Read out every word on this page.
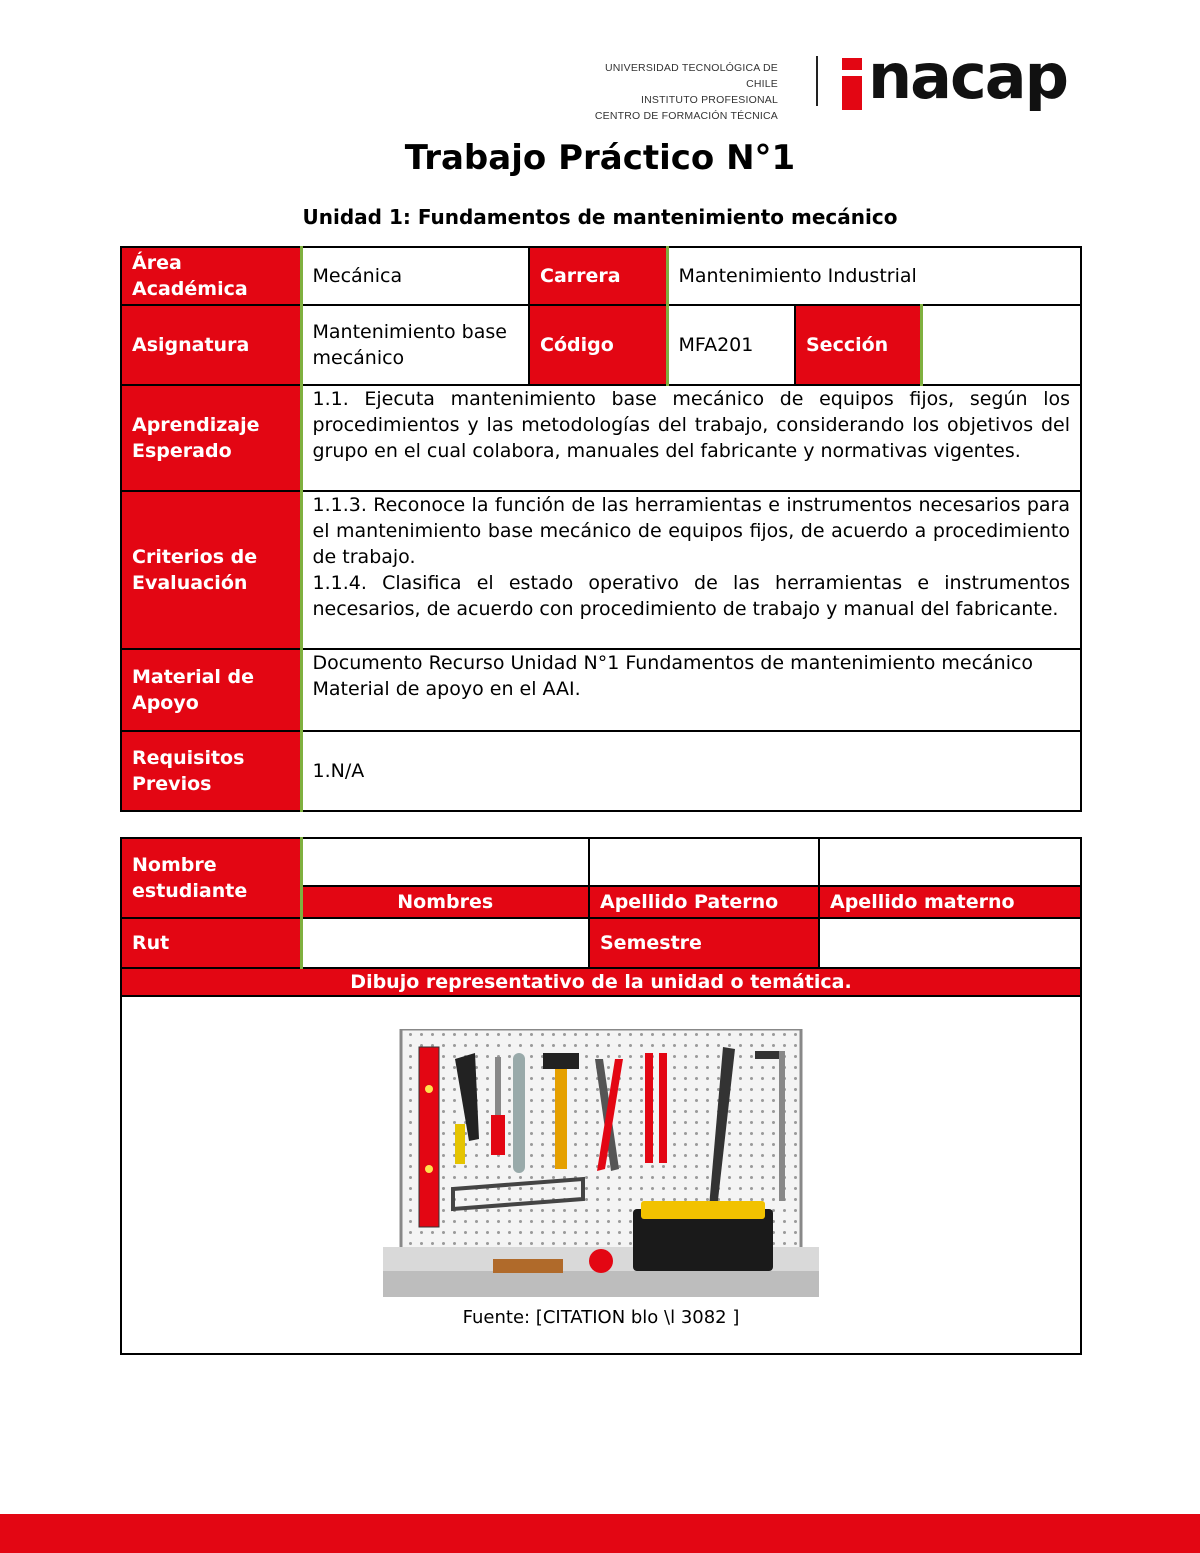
UNIVERSIDAD TECNOLÓGICA DE CHILE
INSTITUTO PROFESIONAL
CENTRO DE FORMACIÓN TÉCNICA
nacap
Trabajo Práctico N°1
Unidad 1: Fundamentos de mantenimiento mecánico
Área Académica	Mecánica	Carrera	Mantenimiento Industrial		
Asignatura	Mantenimiento base mecánico	Código	MFA201	Sección	
Aprendizaje Esperado	1.1. Ejecuta mantenimiento base mecánico de equipos fijos, según los procedimientos y las metodologías del trabajo, considerando los objetivos del grupo en el cual colabora, manuales del fabricante y normativas vigentes.				
Criterios de Evaluación	1.1.3. Reconoce la función de las herramientas e instrumentos necesarios para el mantenimiento base mecánico de equipos fijos, de acuerdo a procedimiento de trabajo.
1.1.4. Clasifica el estado operativo de las herramientas e instrumentos necesarios, de acuerdo con procedimiento de trabajo y manual del fabricante.				

Material de Apoyo	Documento Recurso Unidad N°1 Fundamentos de mantenimiento mecánico
Material de apoyo en el AAI.				

Requisitos Previos	1.N/A				
Nombre estudiante			
	Nombres	Apellido Paterno	Apellido materno
Rut		Semestre	
Dibujo representativo de la unidad o temática.			

Fuente: [CITATION blo \l 3082 ]			
